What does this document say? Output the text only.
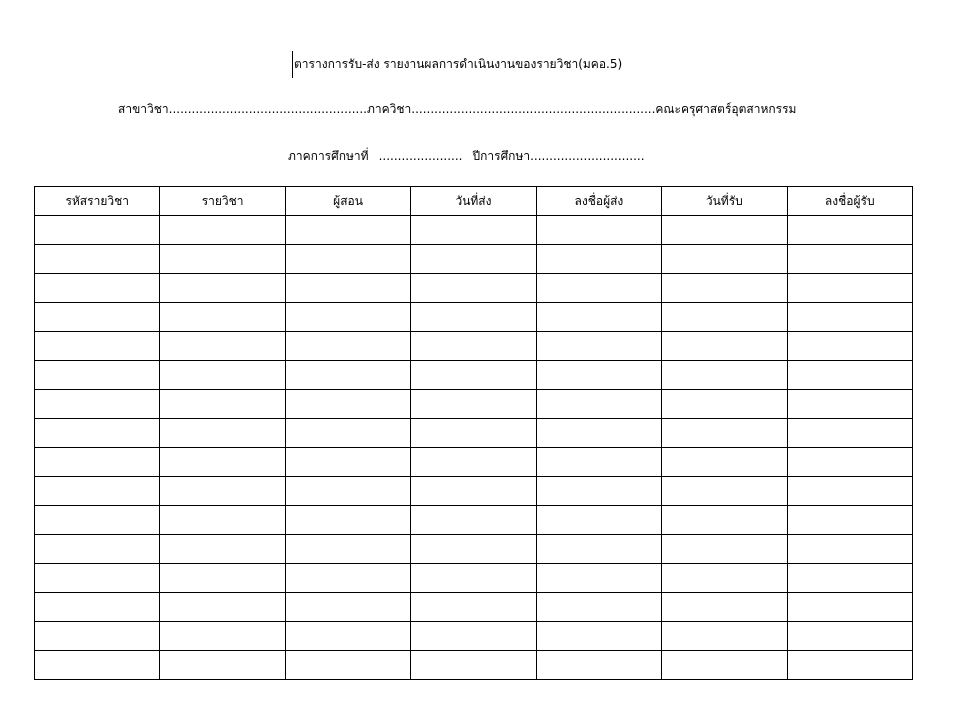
ตารางการรับ-ส่ง รายงานผลการดำเนินงานของรายวิชา(มคอ.5)
สาขาวิชา....................................................ภาควิชา................................................................คณะครุศาสตร์อุตสาหกรรม
ภาคการศึกษาที่ ...................... ปีการศึกษา..............................
รหัสรายวิชา	รายวิชา	ผู้สอน	วันที่ส่ง	ลงชื่อผู้ส่ง	วันที่รับ	ลงชื่อผู้รับ
